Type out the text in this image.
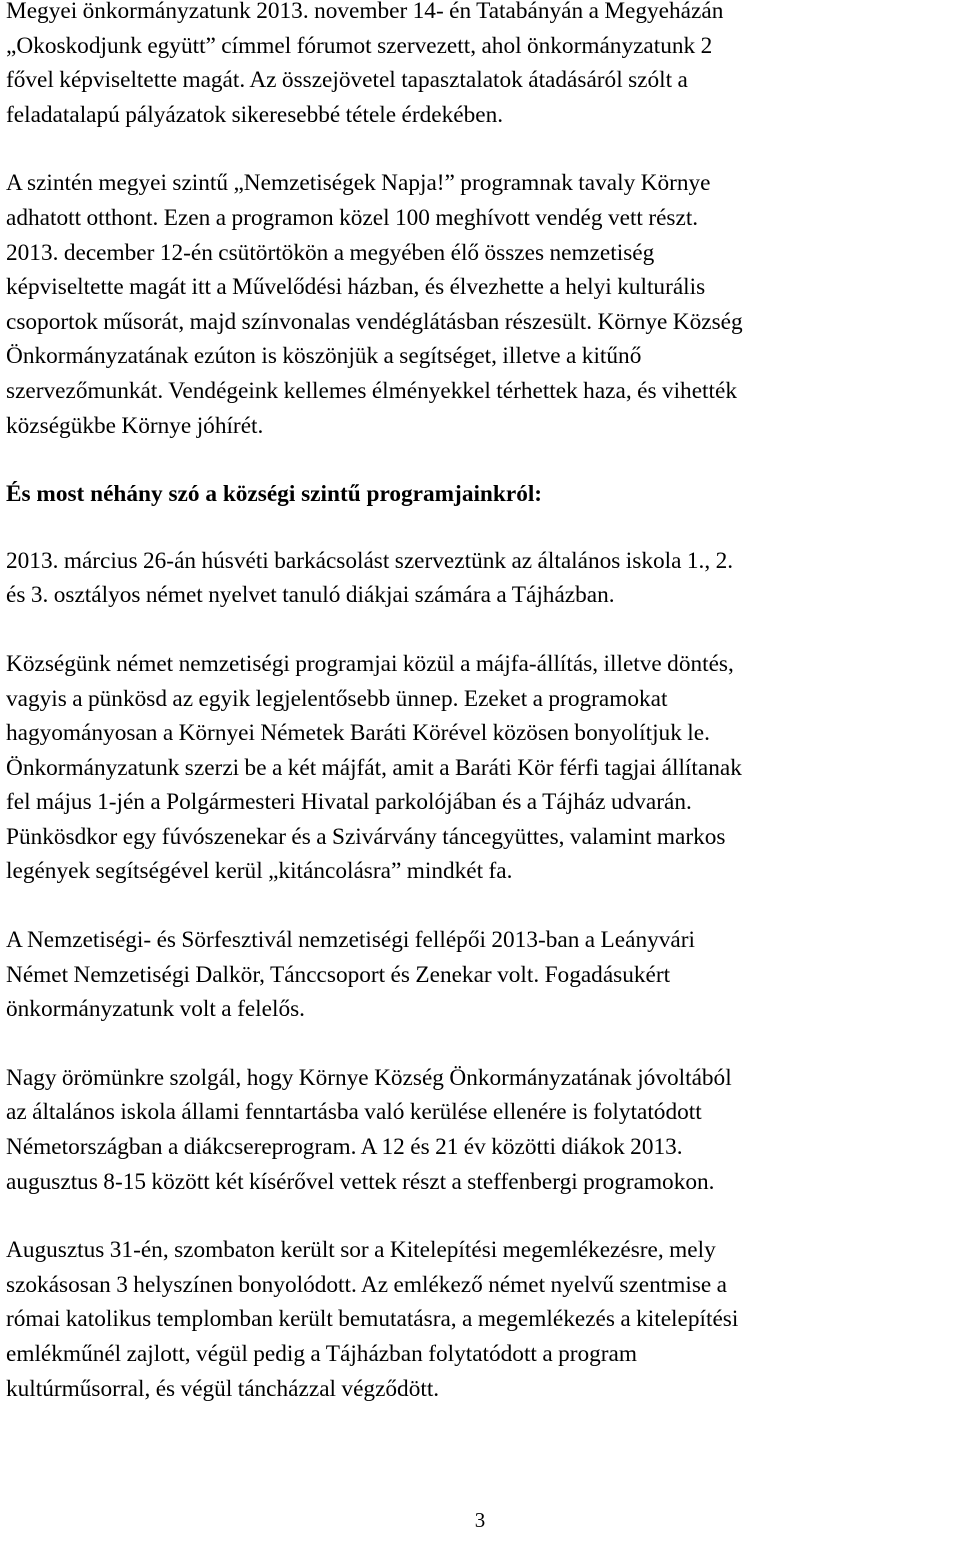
Megyei önkormányzatunk 2013. november 14- én Tatabányán a Megyeházán
„Okoskodjunk együtt” címmel fórumot szervezett, ahol önkormányzatunk 2
fővel képviseltette magát. Az összejövetel tapasztalatok átadásáról szólt a
feladatalapú pályázatok sikeresebbé tétele érdekében.

A szintén megyei szintű „Nemzetiségek Napja!” programnak tavaly Környe
adhatott otthont. Ezen a programon közel 100 meghívott vendég vett részt.
2013. december 12-én csütörtökön a megyében élő összes nemzetiség
képviseltette magát itt a Művelődési házban, és élvezhette a helyi kulturális
csoportok műsorát, majd színvonalas vendéglátásban részesült. Környe Község
Önkormányzatának ezúton is köszönjük a segítséget, illetve a kitűnő
szervezőmunkát. Vendégeink kellemes élményekkel térhettek haza, és vihették
községükbe Környe jóhírét.

És most néhány szó a községi szintű programjainkról:

2013. március 26-án húsvéti barkácsolást szerveztünk az általános iskola 1., 2.
és 3. osztályos német nyelvet tanuló diákjai számára a Tájházban.

Községünk német nemzetiségi programjai közül a májfa-állítás, illetve döntés,
vagyis a pünkösd az egyik legjelentősebb ünnep. Ezeket a programokat
hagyományosan a Környei Németek Baráti Körével közösen bonyolítjuk le.
Önkormányzatunk szerzi be a két májfát, amit a Baráti Kör férfi tagjai állítanak
fel május 1-jén a Polgármesteri Hivatal parkolójában és a Tájház udvarán.
Pünkösdkor egy fúvószenekar és a Szivárvány táncegyüttes, valamint markos
legények segítségével kerül „kitáncolásra” mindkét fa.

A Nemzetiségi- és Sörfesztivál nemzetiségi fellépői 2013-ban a Leányvári
Német Nemzetiségi Dalkör, Tánccsoport és Zenekar volt. Fogadásukért
önkormányzatunk volt a felelős.

Nagy örömünkre szolgál, hogy Környe Község Önkormányzatának jóvoltából
az általános iskola állami fenntartásba való kerülése ellenére is folytatódott
Németországban a diákcsereprogram. A 12 és 21 év közötti diákok 2013.
augusztus 8-15 között két kísérővel vettek részt a steffenbergi programokon.

Augusztus 31-én, szombaton került sor a Kitelepítési megemlékezésre, mely
szokásosan 3 helyszínen bonyolódott. Az emlékező német nyelvű szentmise a
római katolikus templomban került bemutatásra, a megemlékezés a kitelepítési
emlékműnél zajlott, végül pedig a Tájházban folytatódott a program
kultúrműsorral, és végül táncházzal végződött.

3
